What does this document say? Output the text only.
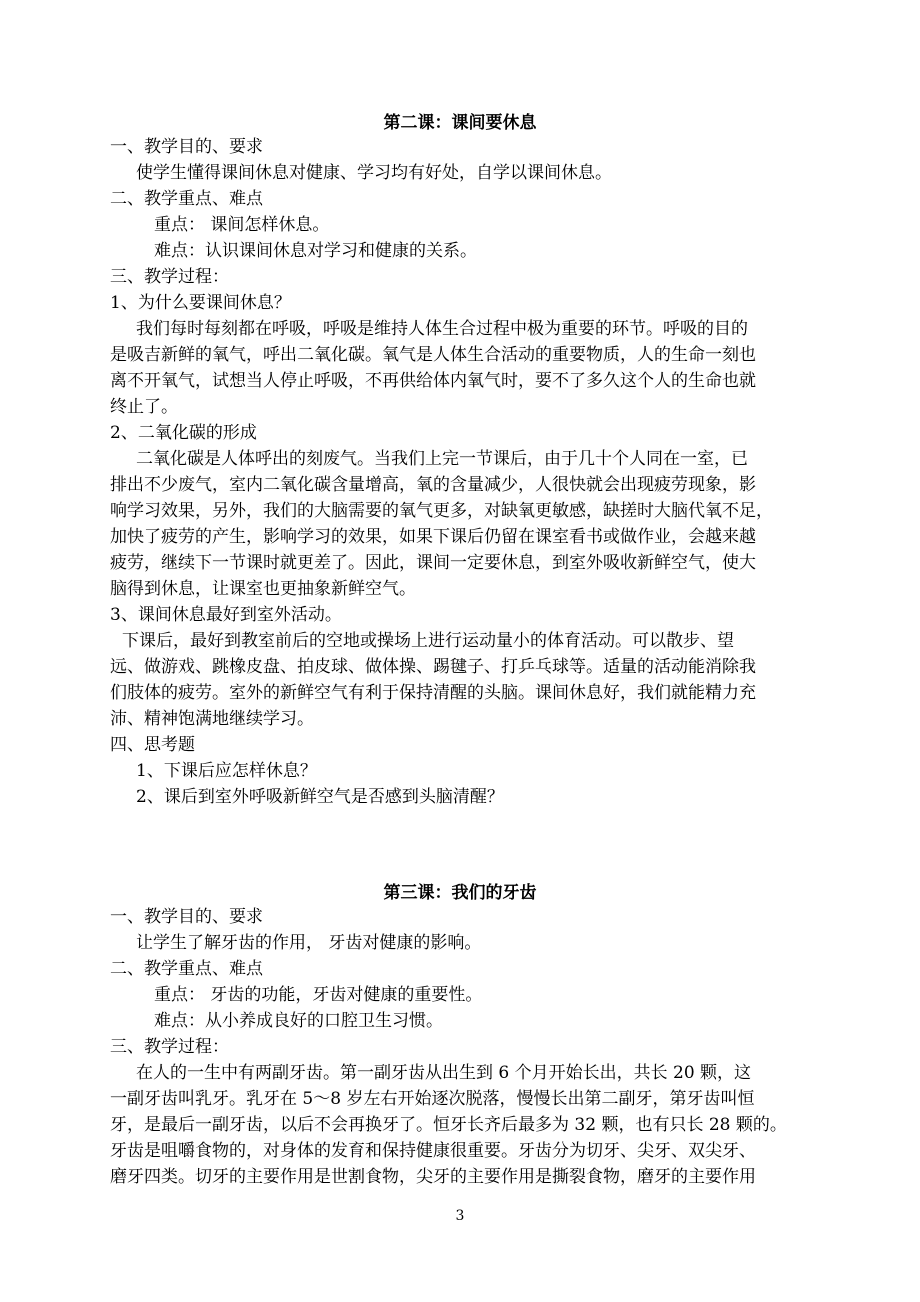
第二课：课间要休息
一、教学目的、要求
使学生懂得课间休息对健康、学习均有好处，自学以课间休息。
二、教学重点、难点
重点： 课间怎样休息。
难点：认识课间休息对学习和健康的关系。
三、教学过程：
1、为什么要课间休息？
我们每时每刻都在呼吸，呼吸是维持人体生合过程中极为重要的环节。呼吸的目的
是吸吉新鲜的氧气，呼出二氧化碳。氧气是人体生合活动的重要物质，人的生命一刻也
离不开氧气，试想当人停止呼吸，不再供给体内氧气时，要不了多久这个人的生命也就
终止了。
2、二氧化碳的形成
二氧化碳是人体呼出的刻废气。当我们上完一节课后，由于几十个人同在一室，已
排出不少废气，室内二氧化碳含量增高，氧的含量减少，人很快就会出现疲劳现象，影
响学习效果，另外，我们的大脑需要的氧气更多，对缺氧更敏感，缺搓时大脑代氧不足，
加快了疲劳的产生，影响学习的效果，如果下课后仍留在课室看书或做作业，会越来越
疲劳，继续下一节课时就更差了。因此，课间一定要休息，到室外吸收新鲜空气，使大
脑得到休息，让课室也更抽象新鲜空气。
3、课间休息最好到室外活动。
下课后，最好到教室前后的空地或操场上进行运动量小的体育活动。可以散步、望
远、做游戏、跳橡皮盘、拍皮球、做体操、踢毽子、打乒乓球等。适量的活动能消除我
们肢体的疲劳。室外的新鲜空气有利于保持清醒的头脑。课间休息好，我们就能精力充
沛、精神饱满地继续学习。
四、思考题
1、下课后应怎样休息？
2、课后到室外呼吸新鲜空气是否感到头脑清醒？
第三课：我们的牙齿
一、教学目的、要求
让学生了解牙齿的作用， 牙齿对健康的影响。
二、教学重点、难点
重点： 牙齿的功能，牙齿对健康的重要性。
难点：从小养成良好的口腔卫生习惯。
三、教学过程：
在人的一生中有两副牙齿。第一副牙齿从出生到 6 个月开始长出，共长 20 颗，这
一副牙齿叫乳牙。乳牙在 5～8 岁左右开始逐次脱落，慢慢长出第二副牙，第牙齿叫恒
牙，是最后一副牙齿，以后不会再换牙了。恒牙长齐后最多为 32 颗，也有只长 28 颗的。
牙齿是咀嚼食物的，对身体的发育和保持健康很重要。牙齿分为切牙、尖牙、双尖牙、
磨牙四类。切牙的主要作用是世割食物，尖牙的主要作用是撕裂食物，磨牙的主要作用
3
